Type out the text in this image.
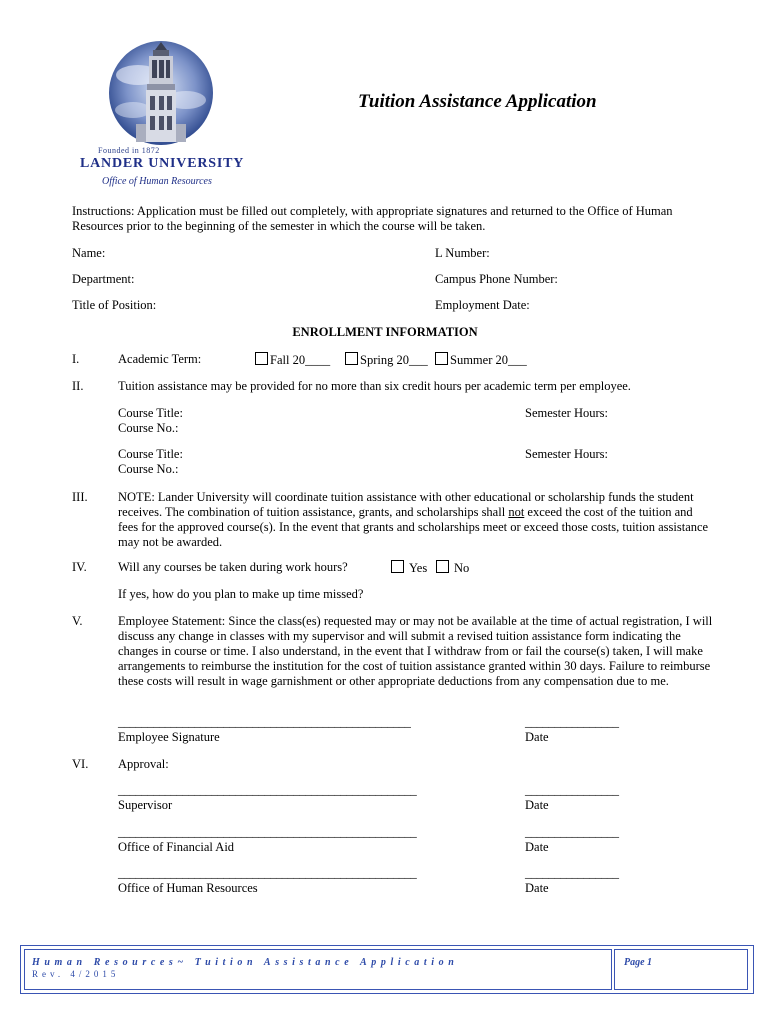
Founded in 1872
LANDER UNIVERSITY
Office of Human Resources
Tuition Assistance Application
Instructions: Application must be filled out completely, with appropriate signatures and returned to the Office of Human Resources prior to the beginning of the semester in which the course will be taken.
Name:	L Number:
Department:	Campus Phone Number:
Title of Position:	Employment Date:
ENROLLMENT INFORMATION
I.	Academic Term:	Fall 20____	Spring 20___	Summer 20___
II.	Tuition assistance may be provided for no more than six credit hours per academic term per employee.
Course Title:
Course No.:
Semester Hours:
Course Title:
Course No.:
Semester Hours:
III. NOTE: Lander University will coordinate tuition assistance with other educational or scholarship funds the student receives. The combination of tuition assistance, grants, and scholarships shall not exceed the cost of the tuition and fees for the approved course(s). In the event that grants and scholarships meet or exceed those costs, tuition assistance may not be awarded.
IV.	Will any courses be taken during work hours?	Yes	No
If yes, how do you plan to make up time missed?
V.	Employee Statement: Since the class(es) requested may or may not be available at the time of actual registration, I will discuss any change in classes with my supervisor and will submit a revised tuition assistance form indicating the changes in course or time. I also understand, in the event that I withdraw from or fail the course(s) taken, I will make arrangements to reimburse the institution for the cost of tuition assistance granted within 30 days. Failure to reimburse these costs will result in wage garnishment or other appropriate deductions from any compensation due to me.
__________________________________________________	________________
Employee Signature	Date
VI. Approval:
___________________________________________________	________________
Supervisor	Date
___________________________________________________	________________
Office of Financial Aid	Date
___________________________________________________	________________
Office of Human Resources	Date
Human Resources~ Tuition Assistance Application
Rev. 4/2015
Page 1
